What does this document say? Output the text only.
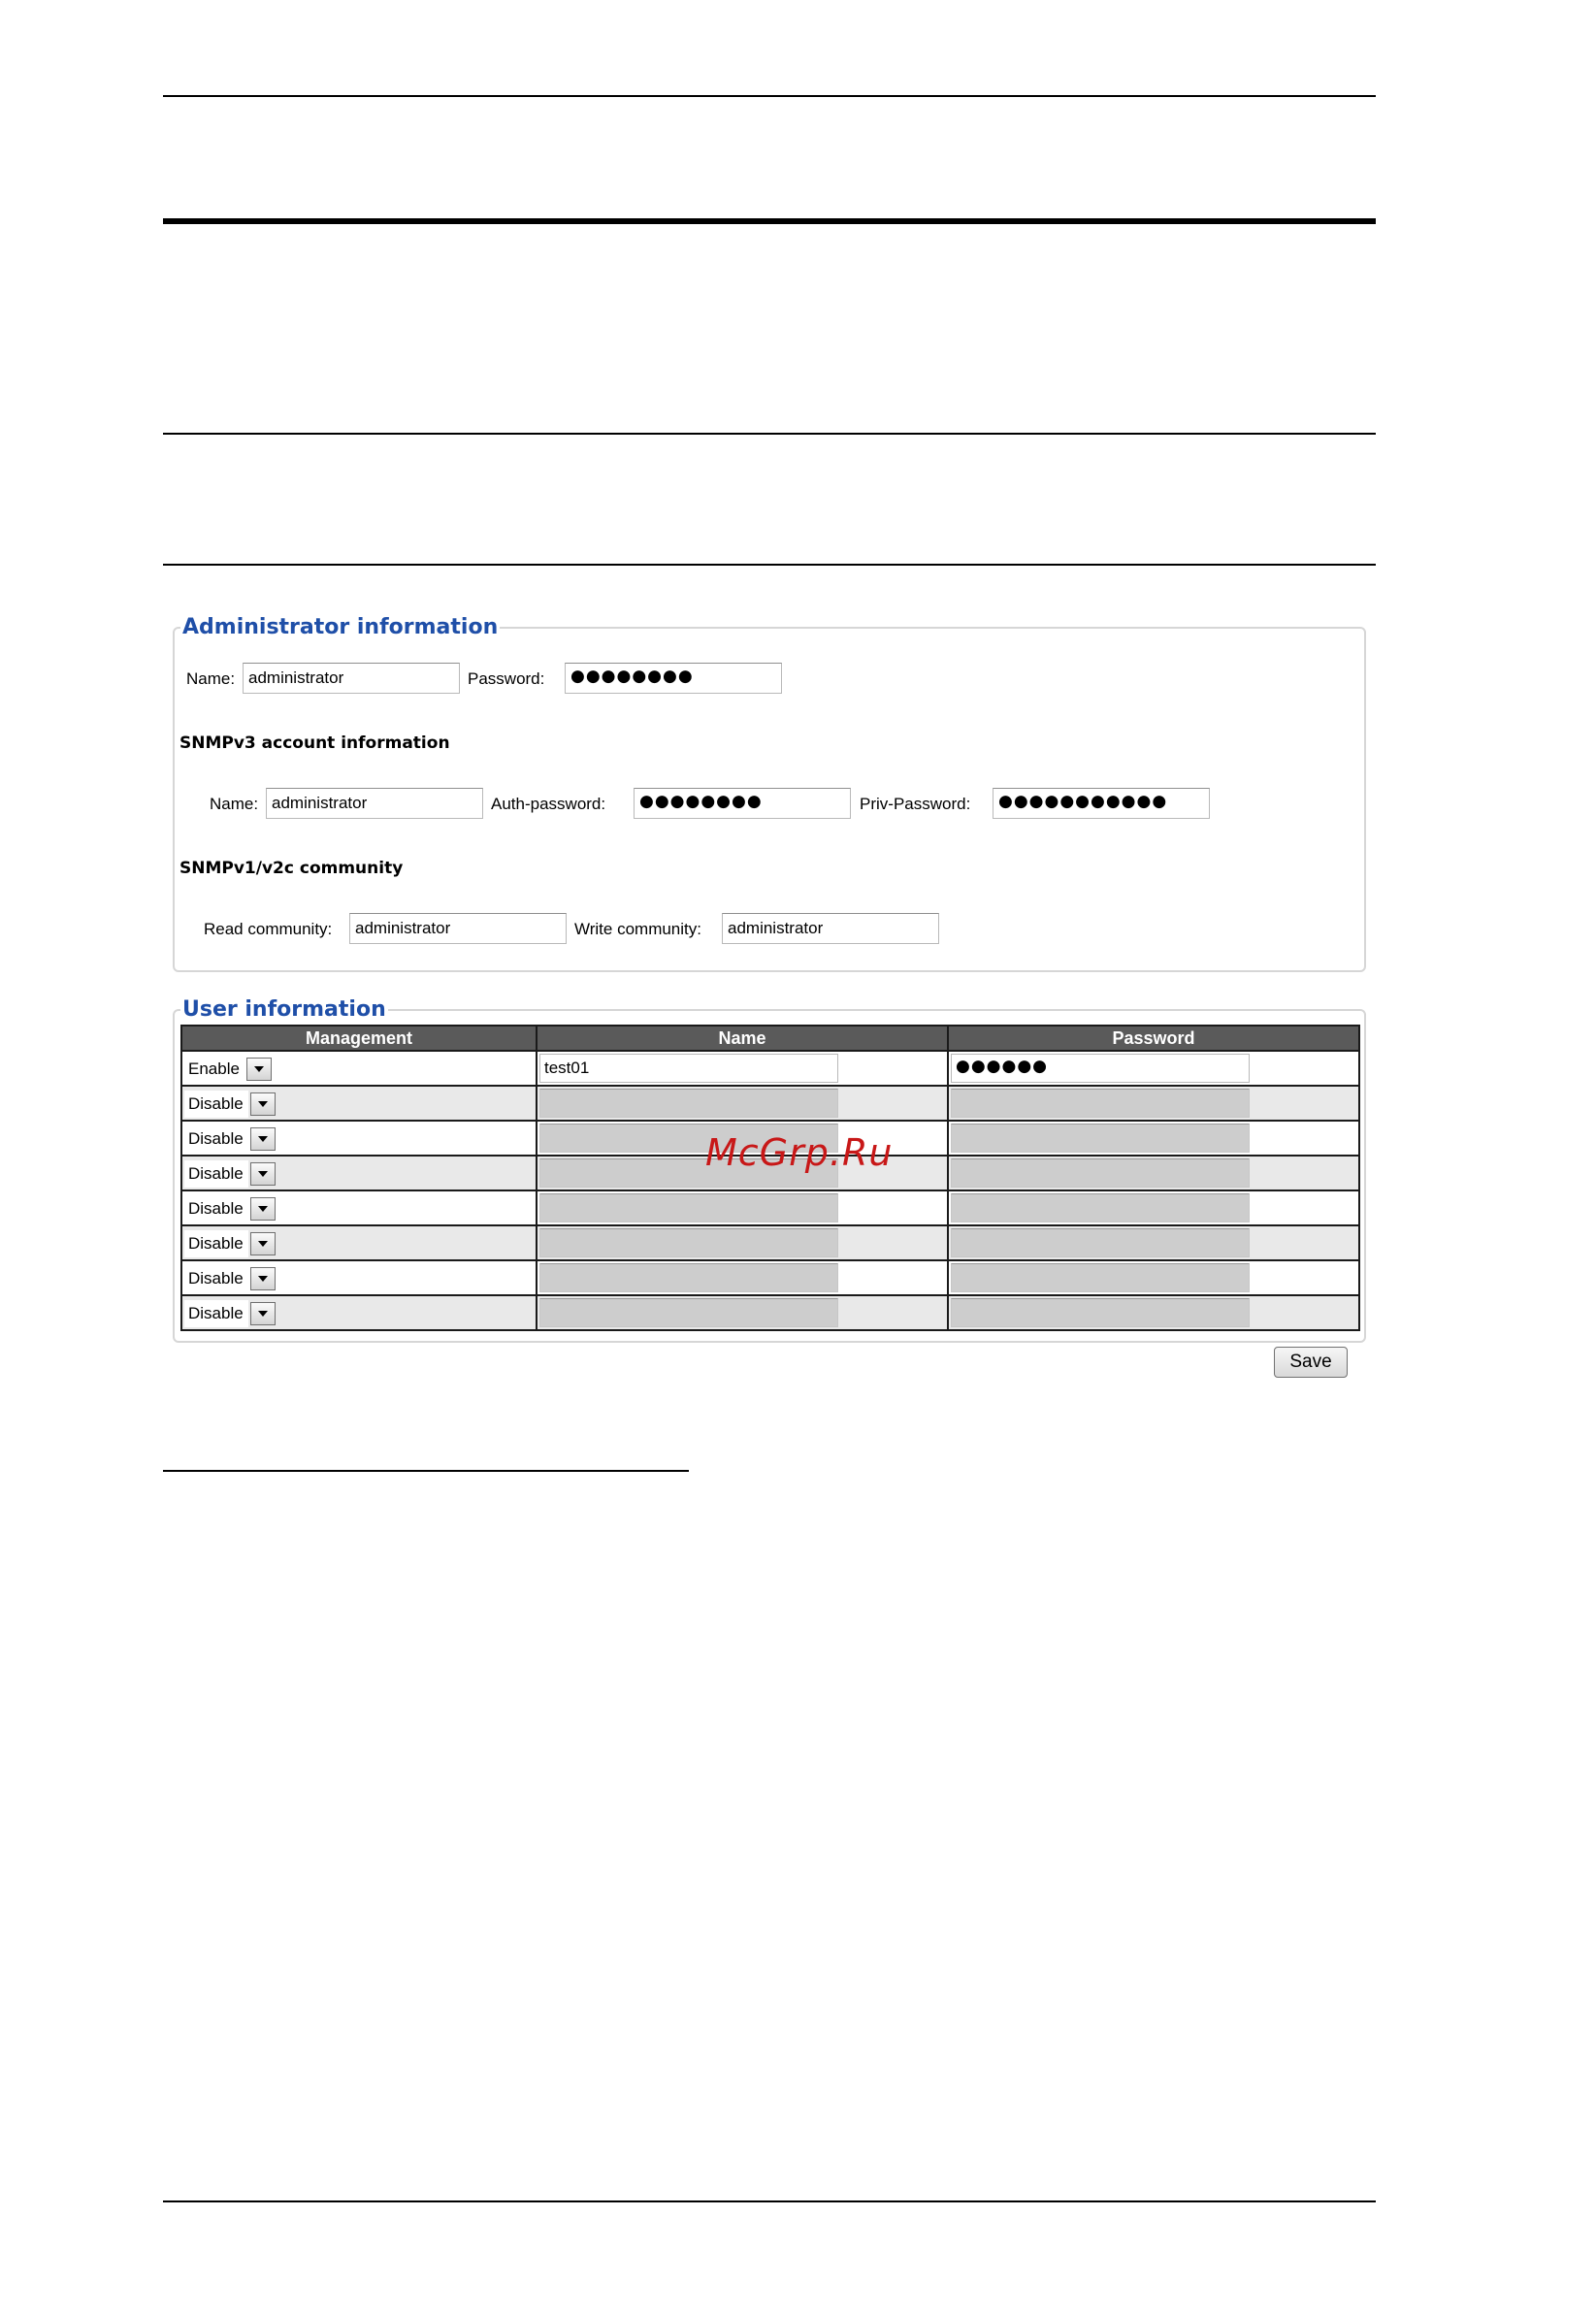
Administrator information
Name: administrator	Password:	●●●●●●●●
SNMPv3 account information
Name: administrator	Auth-password:	●●●●●●●●	Priv-Password:	●●●●●●●●●●●
SNMPv1/v2c community
Read community:	administrator	Write community:	administrator
User information
Management	Name	Password

Enable	test01	●●●●●●

Disable		

Disable		

Disable		

Disable		

Disable		

Disable		

Disable		

Save
McGrp.Ru
